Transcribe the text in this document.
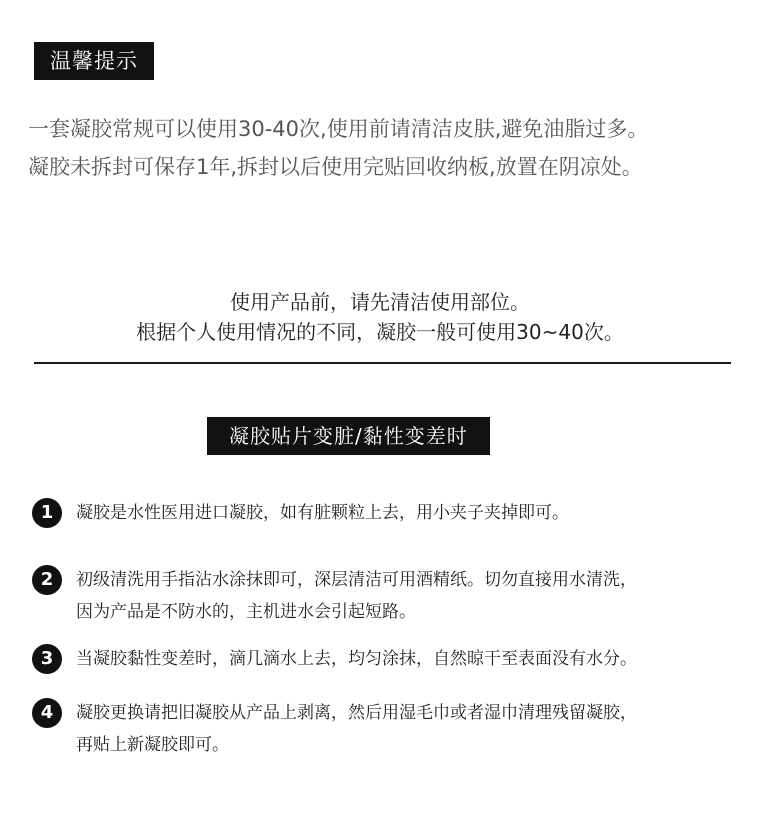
温馨提示
一套凝胶常规可以使用30-40次,使用前请清洁皮肤,避免油脂过多。
凝胶未拆封可保存1年,拆封以后使用完贴回收纳板,放置在阴凉处。
使用产品前，请先清洁使用部位。
根据个人使用情况的不同，凝胶一般可使用30~40次。
凝胶贴片变脏/黏性变差时
1	凝胶是水性医用进口凝胶，如有脏颗粒上去，用小夹子夹掉即可。
2	初级清洗用手指沾水涂抹即可，深层清洁可用酒精纸。切勿直接用水清洗，
因为产品是不防水的，主机进水会引起短路。
3	当凝胶黏性变差时，滴几滴水上去，均匀涂抹，自然晾干至表面没有水分。
4	凝胶更换请把旧凝胶从产品上剥离，然后用湿毛巾或者湿巾清理残留凝胶，
再贴上新凝胶即可。
